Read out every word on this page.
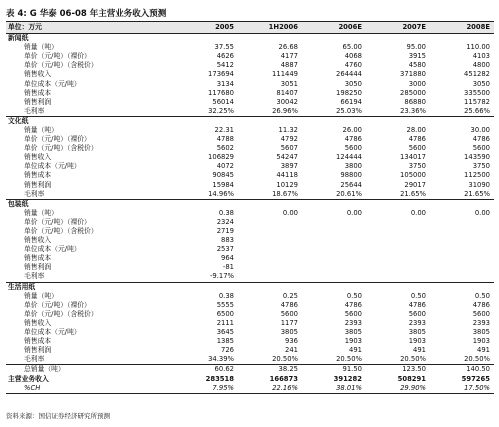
表 4: G 华泰 06-08 年主营业务收入预测
单位：万元	2005	1H2006	2006E	2007E	2008E
新闻纸					
销量（吨）	37.55	26.68	65.00	95.00	110.00
单价（元/吨）（裸价）	4626	4177	4068	3915	4103
单价（元/吨）（含税价）	5412	4887	4760	4580	4800
销售收入	173694	111449	264444	371880	451282
单位成本（元/吨）	3134	3051	3050	3000	3050
销售成本	117680	81407	198250	285000	335500
销售利润	56014	30042	66194	86880	115782
毛利率	32.25%	26.96%	25.03%	23.36%	25.66%
文化纸					
销量（吨）	22.31	11.32	26.00	28.00	30.00
单价（元/吨）（裸价）	4788	4792	4786	4786	4786
单价（元/吨）（含税价）	5602	5607	5600	5600	5600
销售收入	106829	54247	124444	134017	143590
单位成本（元/吨）	4072	3897	3800	3750	3750
销售成本	90845	44118	98800	105000	112500
销售利润	15984	10129	25644	29017	31090
毛利率	14.96%	18.67%	20.61%	21.65%	21.65%
包装纸					
销量（吨）	0.38	0.00	0.00	0.00	0.00
单价（元/吨）（裸价）	2324				
单价（元/吨）（含税价）	2719				
销售收入	883				
单位成本（元/吨）	2537				
销售成本	964				
销售利润	-81				
毛利率	-9.17%				
生活用纸					
销量（吨）	0.38	0.25	0.50	0.50	0.50
单价（元/吨）（裸价）	5555	4786	4786	4786	4786
单价（元/吨）（含税价）	6500	5600	5600	5600	5600
销售收入	2111	1177	2393	2393	2393
单位成本（元/吨）	3645	3805	3805	3805	3805
销售成本	1385	936	1903	1903	1903
销售利润	726	241	491	491	491
毛利率	34.39%	20.50%	20.50%	20.50%	20.50%
总销量（吨）	60.62	38.25	91.50	123.50	140.50
主营业务收入	283518	166873	391282	508291	597265
%CH	7.95%	22.16%	38.01%	29.90%	17.50%
资料来源：国信证券经济研究所预测
